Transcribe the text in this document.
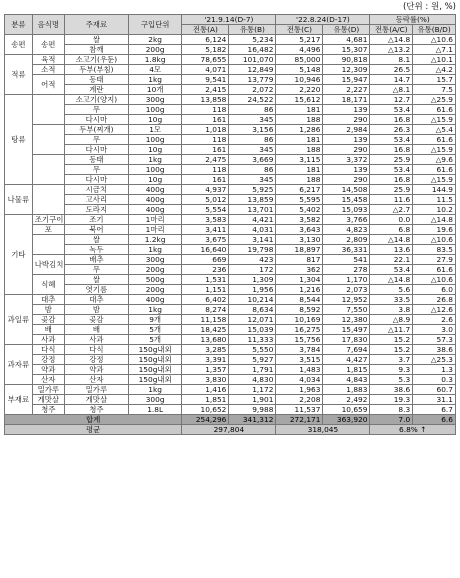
(단위 : 원, %)
분류	음식명	주재료	구입단위	'21.9.14(D-7)		'22.8.24(D-17)		등락률(%)	
				전통(A)	유통(B)	전통(C)	유통(D)	전통(A/C)	유통(B/D)
송편	송편	쌀	2kg	6,124	5,234	5,217	4,681	△14.8	△10.6
		참깨	200g	5,182	16,482	4,496	15,307	△13.2	△7.1
적류	육적	소고기(우둔)	1.8kg	78,655	101,070	85,000	90,818	8.1	△10.1
	소적	두부(부침)	4모	4,071	12,849	5,148	12,309	26.5	△4.2
	어적	동태	1kg	9,541	13,779	10,946	15,947	14.7	15.7
		계란	10개	2,415	2,072	2,220	2,227	△8.1	7.5
탕류		소고기(양지)	300g	13,858	24,522	15,612	18,171	12.7	△25.9
		무	100g	118	86	181	139	53.4	61.6
		다시마	10g	161	345	188	290	16.8	△15.9
		두부(찌개)	1모	1,018	3,156	1,286	2,984	26.3	△5.4
		무	100g	118	86	181	139	53.4	61.6
		다시마	10g	161	345	188	290	16.8	△15.9
		동태	1kg	2,475	3,669	3,115	3,372	25.9	△9.6
		무	100g	118	86	181	139	53.4	61.6
		다시마	10g	161	345	188	290	16.8	△15.9
나물류		시금치	400g	4,937	5,925	6,217	14,508	25.9	144.9
		고사리	400g	5,012	13,859	5,595	15,458	11.6	11.5
		도라지	400g	5,554	13,701	5,402	15,093	△2.7	10.2
기타	조기구이	조기	1마리	3,583	4,421	3,582	3,766	0.0	△14.8
	포	북어	1마리	3,411	4,031	3,643	4,823	6.8	19.6
		쌀	1.2kg	3,675	3,141	3,130	2,809	△14.8	△10.6
		녹두	1kg	16,640	19,798	18,897	36,331	13.6	83.5
	나박김치	배추	300g	669	423	817	541	22.1	27.9
		무	200g	236	172	362	278	53.4	61.6
	식혜	쌀	500g	1,531	1,309	1,304	1,170	△14.8	△10.6
		엿기름	200g	1,151	1,956	1,216	2,073	5.6	6.0
과일류	대추	대추	400g	6,402	10,214	8,544	12,952	33.5	26.8
	밤	밤	1kg	8,274	8,634	8,592	7,550	3.8	△12.6
	곶감	곶감	9개	11,158	12,071	10,169	12,380	△8.9	2.6
	배	배	5개	18,425	15,039	16,275	15,497	△11.7	3.0
	사과	사과	5개	13,680	11,333	15,756	17,830	15.2	57.3
과자류	다식	다식	150g내외	3,285	5,550	3,784	7,694	15.2	38.6
	강정	강정	150g내외	3,391	5,927	3,515	4,427	3.7	△25.3
	약과	약과	150g내외	1,357	1,791	1,483	1,815	9.3	1.3
	산자	산자	150g내외	3,830	4,830	4,034	4,843	5.3	0.3
부재료	밀가루	밀가루	1kg	1,416	1,172	1,963	1,883	38.6	60.7
	게맛살	게맛살	300g	1,851	1,901	2,208	2,492	19.3	31.1
	청주	청주	1.8L	10,652	9,988	11,537	10,659	8.3	6.7
합계				254,296	341,312	272,171	363,920	7.0	6.6
평균				297,804		318,045		6.8% ↑	
